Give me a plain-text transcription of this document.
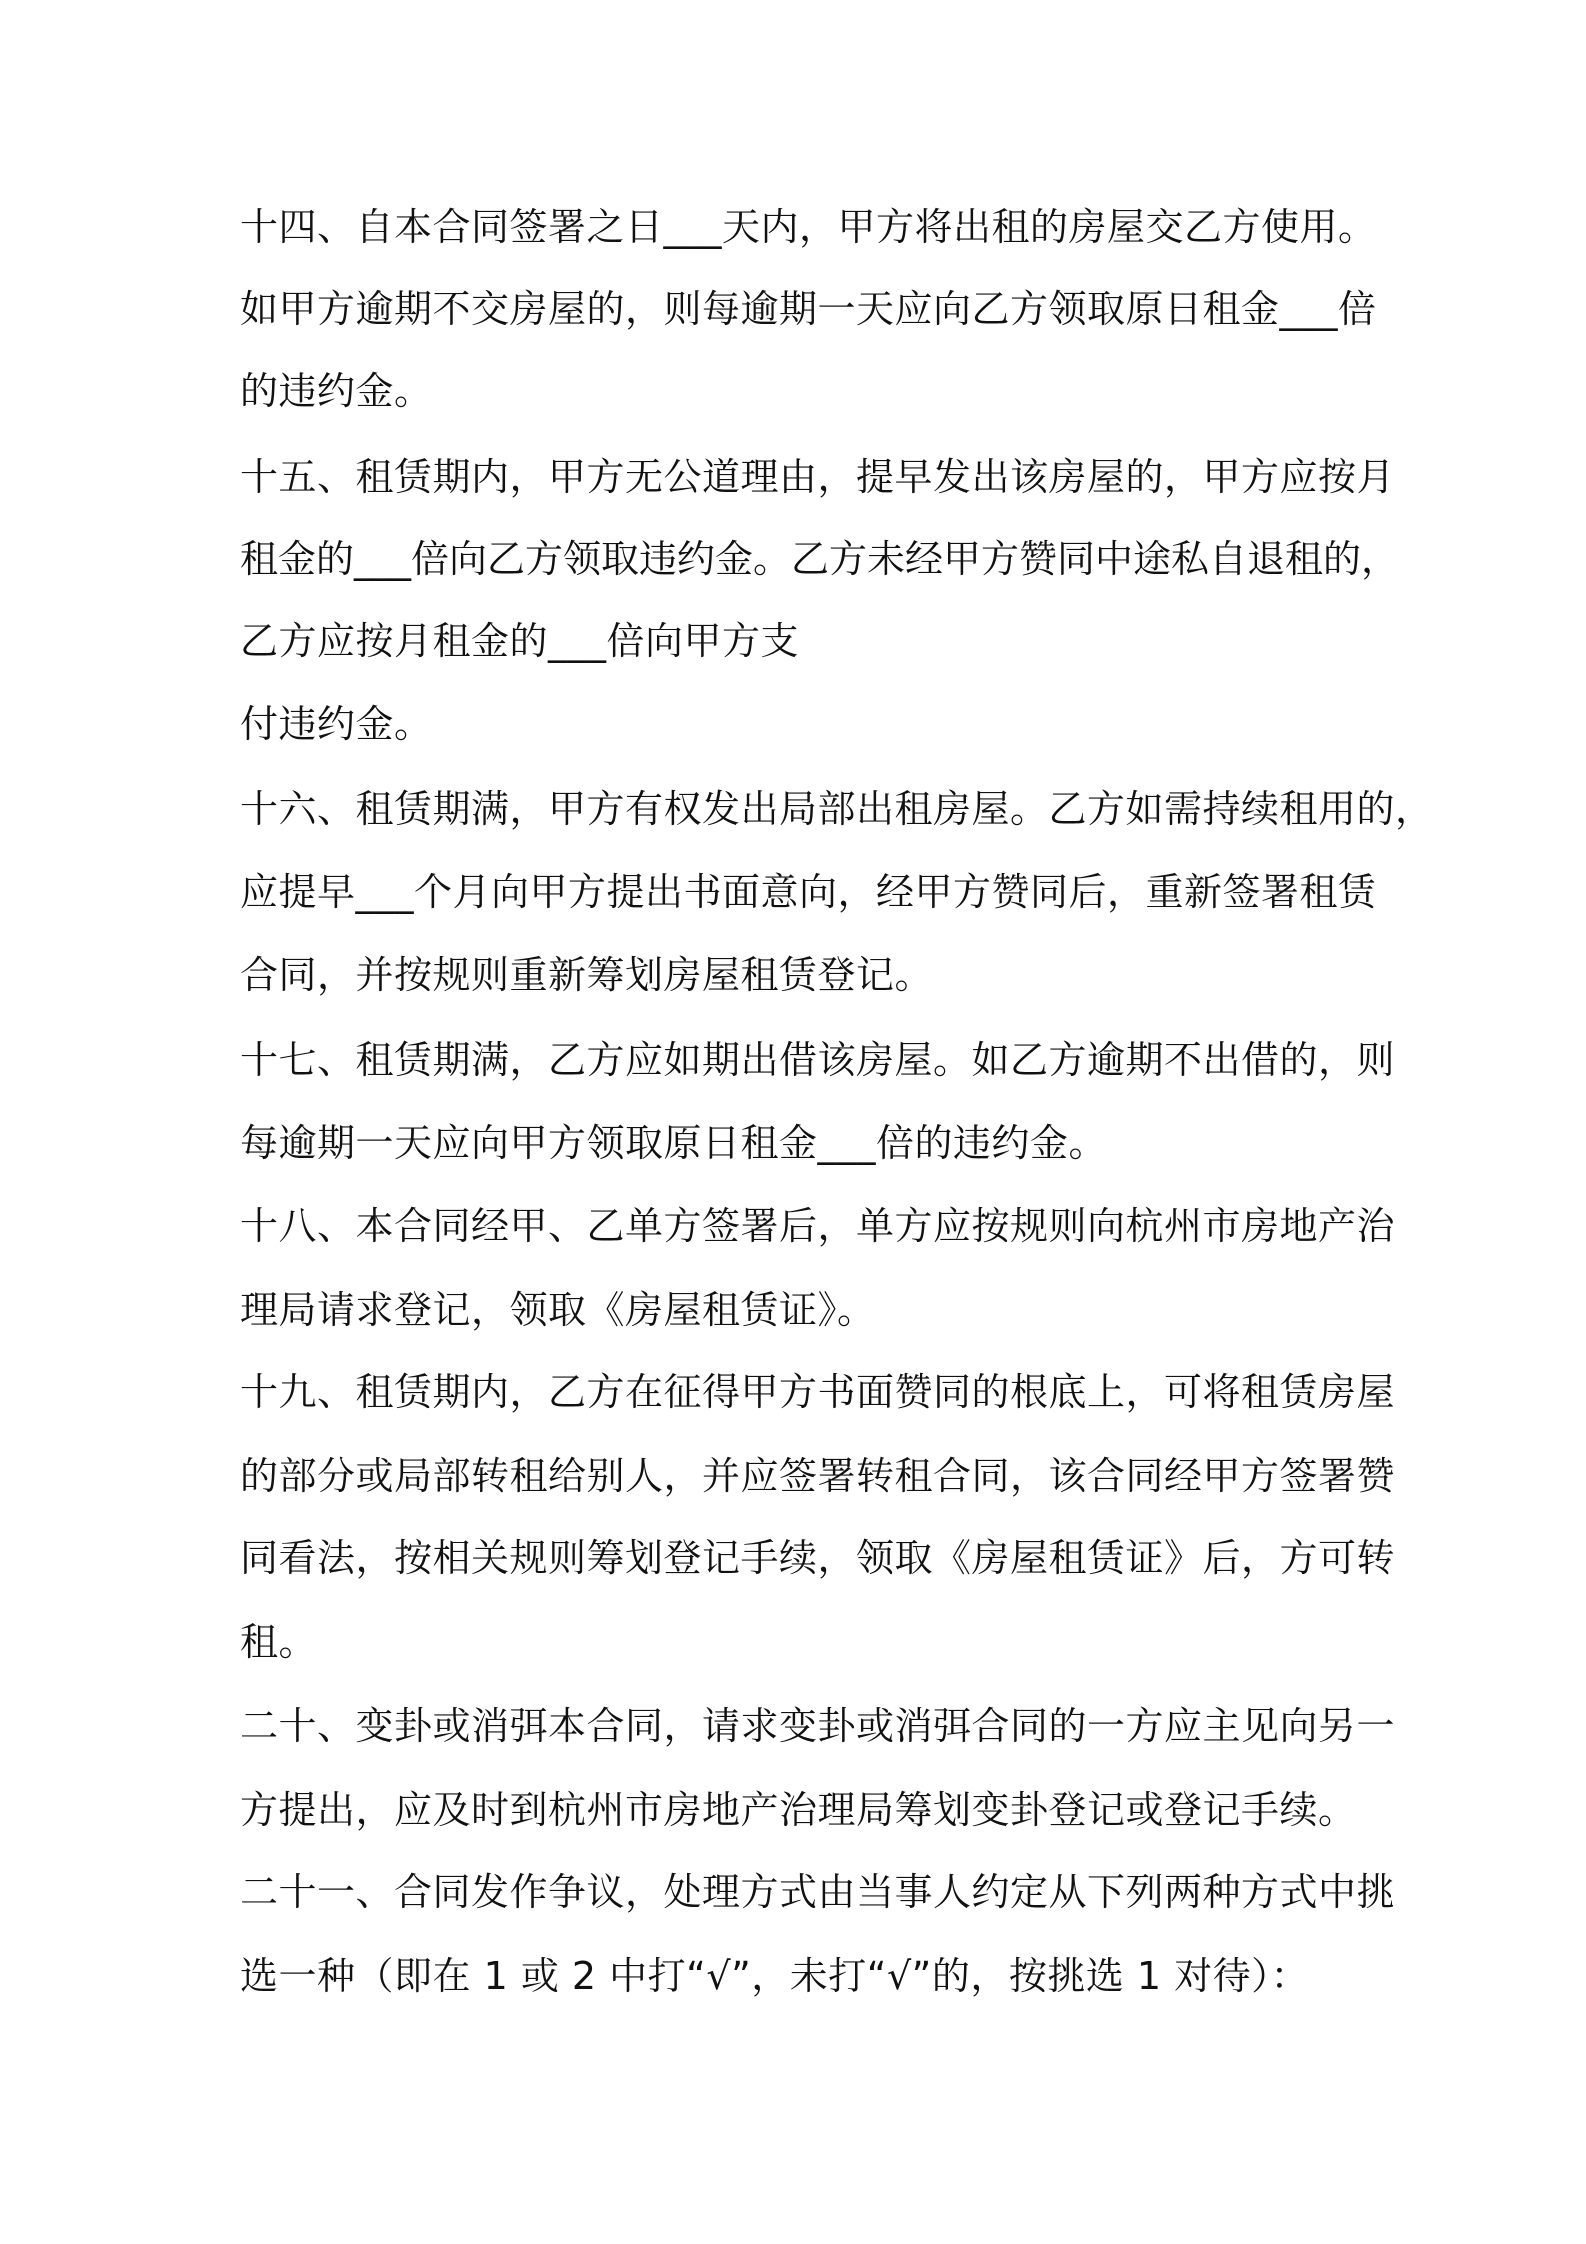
十四、自本合同签署之日___天内，甲方将出租的房屋交乙方使用。
如甲方逾期不交房屋的，则每逾期一天应向乙方领取原日租金___倍
的违约金。
十五、租赁期内，甲方无公道理由，提早发出该房屋的，甲方应按月
租金的___倍向乙方领取违约金。乙方未经甲方赞同中途私自退租的，
乙方应按月租金的___倍向甲方支
付违约金。
十六、租赁期满，甲方有权发出局部出租房屋。乙方如需持续租用的，
应提早___个月向甲方提出书面意向，经甲方赞同后，重新签署租赁
合同，并按规则重新筹划房屋租赁登记。
十七、租赁期满，乙方应如期出借该房屋。如乙方逾期不出借的，则
每逾期一天应向甲方领取原日租金___倍的违约金。
十八、本合同经甲、乙单方签署后，单方应按规则向杭州市房地产治
理局请求登记，领取《房屋租赁证》。
十九、租赁期内，乙方在征得甲方书面赞同的根底上，可将租赁房屋
的部分或局部转租给别人，并应签署转租合同，该合同经甲方签署赞
同看法，按相关规则筹划登记手续，领取《房屋租赁证》后，方可转
租。
二十、变卦或消弭本合同，请求变卦或消弭合同的一方应主见向另一
方提出，应及时到杭州市房地产治理局筹划变卦登记或登记手续。
二十一、合同发作争议，处理方式由当事人约定从下列两种方式中挑
选一种（即在 1 或 2 中打“√”，未打“√”的，按挑选 1 对待）：
